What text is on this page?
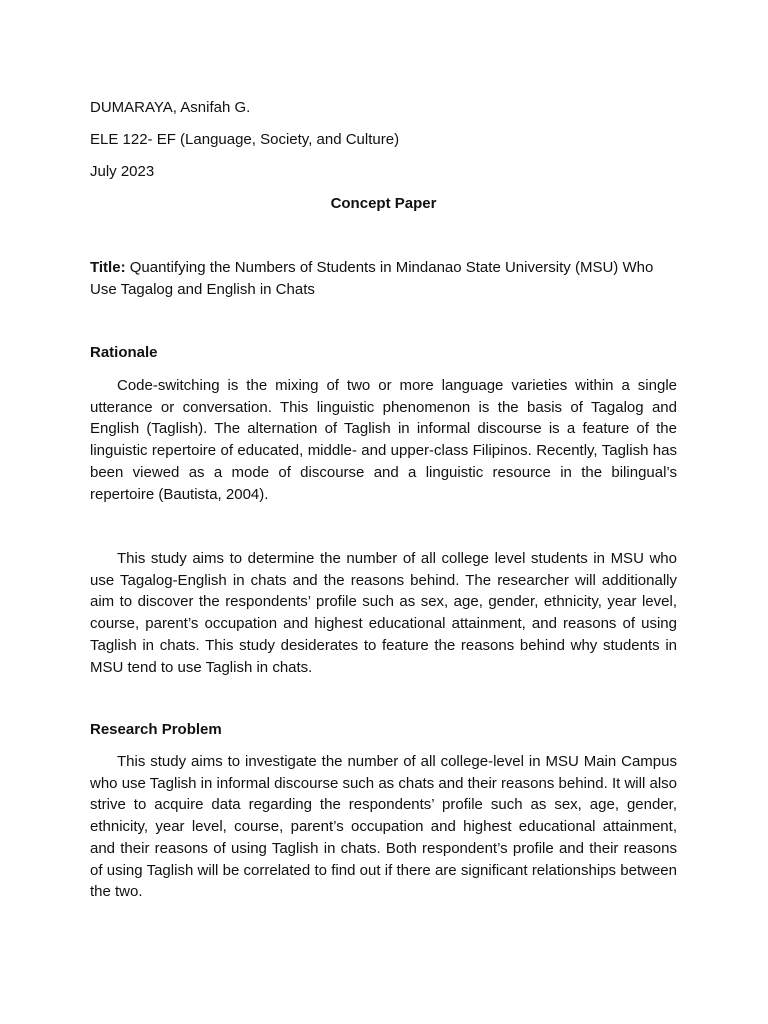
DUMARAYA, Asnifah G.

ELE 122- EF (Language, Society, and Culture)

July 2023

Concept Paper

Title: Quantifying the Numbers of Students in Mindanao State University (MSU) Who Use Tagalog and English in Chats

Rationale

Code-switching is the mixing of two or more language varieties within a single utterance or conversation. This linguistic phenomenon is the basis of Tagalog and English (Taglish). The alternation of Taglish in informal discourse is a feature of the linguistic repertoire of educated, middle- and upper-class Filipinos. Recently, Taglish has been viewed as a mode of discourse and a linguistic resource in the bilingual’s repertoire (Bautista, 2004).

This study aims to determine the number of all college level students in MSU who use Tagalog-English in chats and the reasons behind. The researcher will additionally aim to discover the respondents’ profile such as sex, age, gender, ethnicity, year level, course, parent’s occupation and highest educational attainment, and reasons of using Taglish in chats. This study desiderates to feature the reasons behind why students in MSU tend to use Taglish in chats.

Research Problem

This study aims to investigate the number of all college-level in MSU Main Campus who use Taglish in informal discourse such as chats and their reasons behind. It will also strive to acquire data regarding the respondents’ profile such as sex, age, gender, ethnicity, year level, course, parent’s occupation and highest educational attainment, and their reasons of using Taglish in chats. Both respondent’s profile and their reasons of using Taglish will be correlated to find out if there are significant relationships between the two.
